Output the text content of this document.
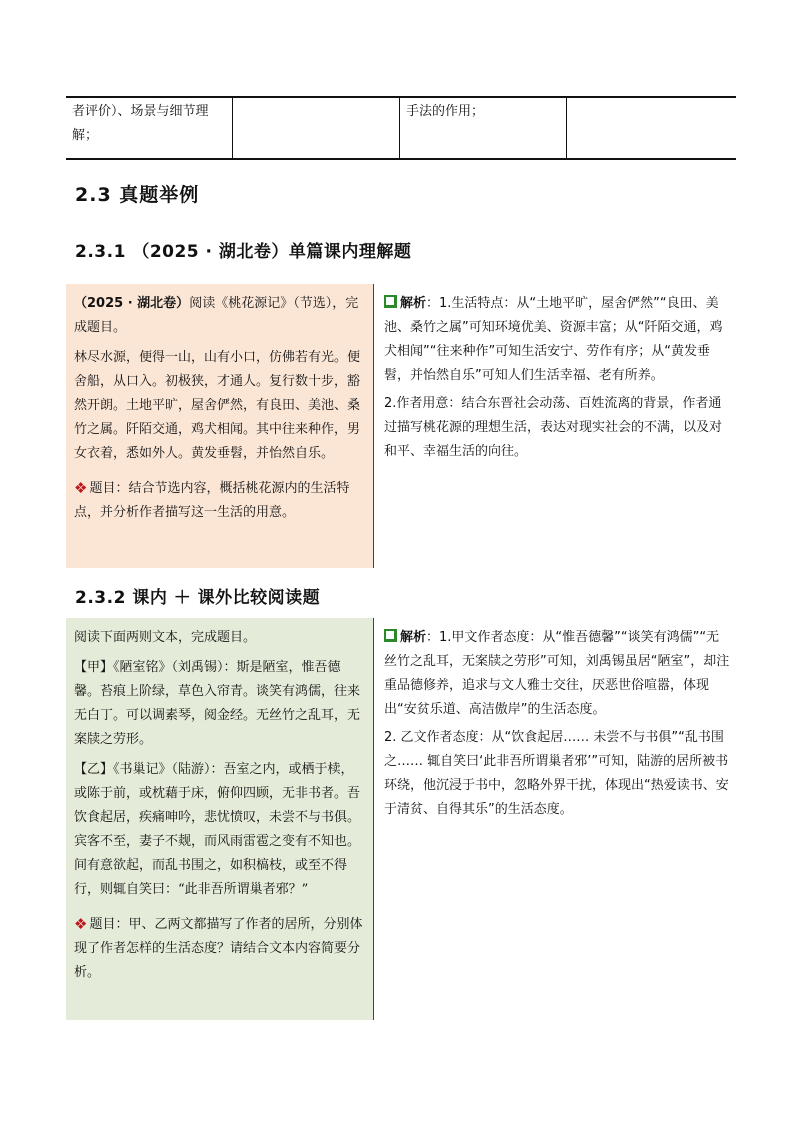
者评价）、场景与细节理解；
手法的作用；
2.3 真题举例
2.3.1 （2025 · 湖北卷）单篇课内理解题
（2025 · 湖北卷）阅读《桃花源记》（节选），完成题目。
林尽水源，便得一山，山有小口，仿佛若有光。便舍船，从口入。初极狭，才通人。复行数十步，豁然开朗。土地平旷，屋舍俨然，有良田、美池、桑竹之属。阡陌交通，鸡犬相闻。其中往来种作，男女衣着，悉如外人。黄发垂髫，并怡然自乐。
❖ 题目：结合节选内容，概括桃花源内的生活特点，并分析作者描写这一生活的用意。
解析：1.生活特点：从“土地平旷，屋舍俨然”“良田、美池、桑竹之属”可知环境优美、资源丰富；从“阡陌交通，鸡犬相闻”“往来种作”可知生活安宁、劳作有序；从“黄发垂髫，并怡然自乐”可知人们生活幸福、老有所养。
2.作者用意：结合东晋社会动荡、百姓流离的背景，作者通过描写桃花源的理想生活，表达对现实社会的不满，以及对和平、幸福生活的向往。
2.3.2 课内 ＋ 课外比较阅读题
阅读下面两则文本，完成题目。
【甲】《陋室铭》（刘禹锡）：斯是陋室，惟吾德馨。苔痕上阶绿，草色入帘青。谈笑有鸿儒，往来无白丁。可以调素琴，阅金经。无丝竹之乱耳，无案牍之劳形。
【乙】《书巢记》（陆游）：吾室之内，或栖于椟，或陈于前，或枕藉于床，俯仰四顾，无非书者。吾饮食起居，疾痛呻吟，悲忧愤叹，未尝不与书俱。宾客不至，妻子不觌，而风雨雷雹之变有不知也。间有意欲起，而乱书围之，如积槁枝，或至不得行，则辄自笑曰：“此非吾所谓巢者邪？”
❖ 题目：甲、乙两文都描写了作者的居所，分别体现了作者怎样的生活态度？请结合文本内容简要分析。
解析：1.甲文作者态度：从“惟吾德馨”“谈笑有鸿儒”“无丝竹之乱耳，无案牍之劳形”可知，刘禹锡虽居“陋室”，却注重品德修养，追求与文人雅士交往，厌恶世俗喧嚣，体现出“安贫乐道、高洁傲岸”的生活态度。
2. 乙文作者态度：从“饮食起居…… 未尝不与书俱”“乱书围之…… 辄自笑曰‘此非吾所谓巢者邪’”可知，陆游的居所被书环绕，他沉浸于书中，忽略外界干扰，体现出“热爱读书、安于清贫、自得其乐”的生活态度。
